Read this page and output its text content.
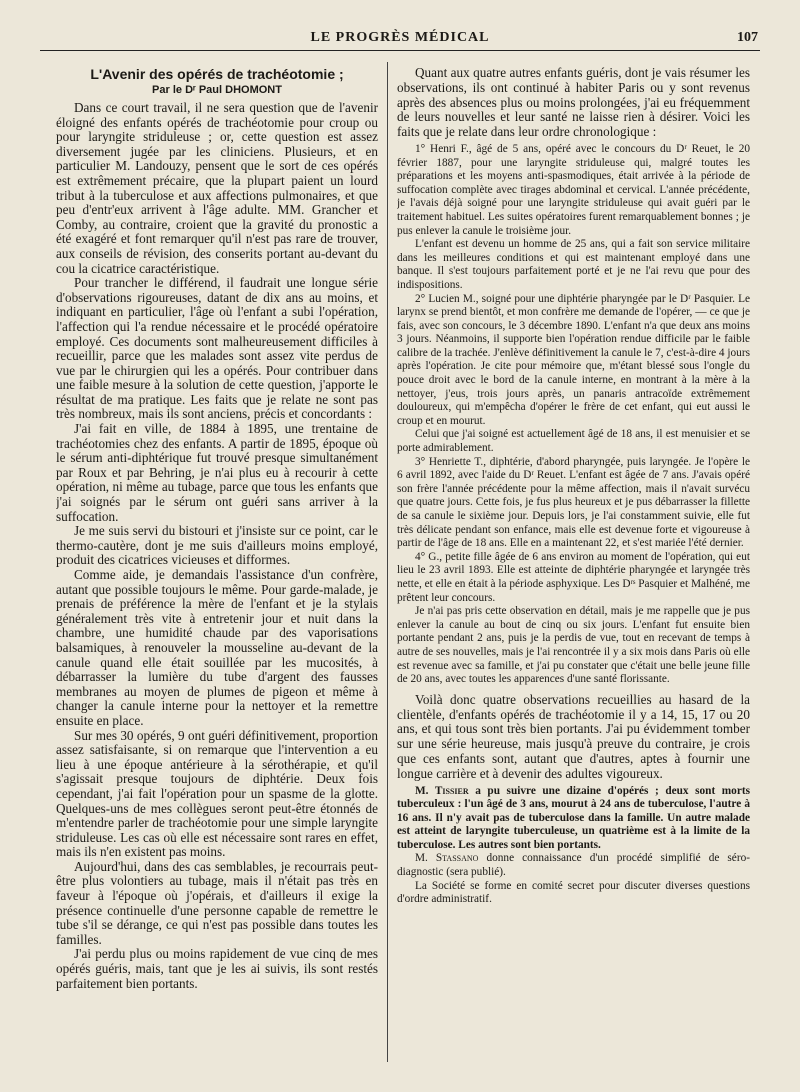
LE PROGRÈS MÉDICAL	107
L'Avenir des opérés de trachéotomie ;
Par le Dʳ Paul DHOMONT

Dans ce court travail, il ne sera question que de l'avenir éloigné des enfants opérés de trachéotomie pour croup ou pour laryngite striduleuse ; or, cette question est assez diversement jugée par les cliniciens. Plusieurs, et en particulier M. Landouzy, pensent que le sort de ces opérés est extrêmement précaire, que la plupart paient un lourd tribut à la tuberculose et aux affections pulmonaires, et que peu d'entr'eux arrivent à l'âge adulte. MM. Grancher et Comby, au contraire, croient que la gravité du pronostic a été exagéré et font remarquer qu'il n'est pas rare de trouver, aux conseils de révision, des conserits portant au-devant du cou la cicatrice caractéristique.

Pour trancher le différend, il faudrait une longue série d'observations rigoureuses, datant de dix ans au moins, et indiquant en particulier, l'âge où l'enfant a subi l'opération, l'affection qui l'a rendue nécessaire et le procédé opératoire employé. Ces documents sont malheureusement difficiles à recueillir, parce que les malades sont assez vite perdus de vue par le chirurgien qui les a opérés. Pour contribuer dans une faible mesure à la solution de cette question, j'apporte le résultat de ma pratique. Les faits que je relate ne sont pas très nombreux, mais ils sont anciens, précis et concordants :

J'ai fait en ville, de 1884 à 1895, une trentaine de trachéotomies chez des enfants. A partir de 1895, époque où le sérum anti-diphtérique fut trouvé presque simultanément par Roux et par Behring, je n'ai plus eu à recourir à cette opération, ni même au tubage, parce que tous les enfants que j'ai soignés par le sérum ont guéri sans arriver à la suffocation.

Je me suis servi du bistouri et j'insiste sur ce point, car le thermo-cautère, dont je me suis d'ailleurs moins employé, produit des cicatrices vicieuses et difformes.

Comme aide, je demandais l'assistance d'un confrère, autant que possible toujours le même. Pour garde-malade, je prenais de préférence la mère de l'enfant et je la stylais généralement très vite à entretenir jour et nuit dans la chambre, une humidité chaude par des vaporisations balsamiques, à renouveler la mousseline au-devant de la canule quand elle était souillée par les mucosités, à débarrasser la lumière du tube d'argent des fausses membranes au moyen de plumes de pigeon et même à changer la canule interne pour la nettoyer et la remettre ensuite en place.

Sur mes 30 opérés, 9 ont guéri définitivement, proportion assez satisfaisante, si on remarque que l'intervention a eu lieu à une époque antérieure à la sérothérapie, et qu'il s'agissait presque toujours de diphtérie. Deux fois cependant, j'ai fait l'opération pour un spasme de la glotte. Quelques-uns de mes collègues seront peut-être étonnés de m'entendre parler de trachéotomie pour une simple laryngite striduleuse. Les cas où elle est nécessaire sont rares en effet, mais ils n'en existent pas moins.

Aujourd'hui, dans des cas semblables, je recourrais peut-être plus volontiers au tubage, mais il n'était pas très en faveur à l'époque où j'opérais, et d'ailleurs il exige la présence continuelle d'une personne capable de remettre le tube s'il se dérange, ce qui n'est pas possible dans toutes les familles.

J'ai perdu plus ou moins rapidement de vue cinq de mes opérés guéris, mais, tant que je les ai suivis, ils sont restés parfaitement bien portants.

Quant aux quatre autres enfants guéris, dont je vais résumer les observations, ils ont continué à habiter Paris ou y sont revenus après des absences plus ou moins prolongées, j'ai eu fréquemment de leurs nouvelles et leur santé ne laisse rien à désirer. Voici les faits que je relate dans leur ordre chronologique :

1° Henri F., âgé de 5 ans, opéré avec le concours du Dʳ Reuet, le 20 février 1887, pour une laryngite striduleuse qui, malgré toutes les préparations et les moyens anti-spasmodiques, était arrivée à la période de suffocation complète avec tirages abdominal et cervical. L'année précédente, je l'avais déjà soigné pour une laryngite striduleuse qui avait guéri par le traitement habituel. Les suites opératoires furent remarquablement bonnes ; je pus enlever la canule le troisième jour.

L'enfant est devenu un homme de 25 ans, qui a fait son service militaire dans les meilleures conditions et qui est maintenant employé dans une banque. Il s'est toujours parfaitement porté et je ne l'ai revu que pour des indispositions.

2° Lucien M., soigné pour une diphtérie pharyngée par le Dʳ Pasquier. Le larynx se prend bientôt, et mon confrère me demande de l'opérer, — ce que je fais, avec son concours, le 3 décembre 1890. L'enfant n'a que deux ans moins 3 jours. Néanmoins, il supporte bien l'opération rendue difficile par le faible calibre de la trachée. J'enlève définitivement la canule le 7, c'est-à-dire 4 jours après l'opération. Je cite pour mémoire que, m'étant blessé sous l'ongle du pouce droit avec le bord de la canule interne, en montrant à la mère à la nettoyer, j'eus, trois jours après, un panaris antracoïde extrêmement douloureux, qui m'empêcha d'opérer le frère de cet enfant, qui eut aussi le croup et en mourut.

Celui que j'ai soigné est actuellement âgé de 18 ans, il est menuisier et se porte admirablement.

3° Henriette T., diphtérie, d'abord pharyngée, puis laryngée. Je l'opère le 6 avril 1892, avec l'aide du Dʳ Reuet. L'enfant est âgée de 7 ans. J'avais opéré son frère l'année précédente pour la même affection, mais il n'avait survécu que quatre jours. Cette fois, je fus plus heureux et je pus débarrasser la fillette de sa canule le sixième jour. Depuis lors, je l'ai constamment suivie, elle fut très délicate pendant son enfance, mais elle est devenue forte et vigoureuse à partir de l'âge de 18 ans. Elle en a maintenant 22, et s'est mariée l'été dernier.

4° G., petite fille âgée de 6 ans environ au moment de l'opération, qui eut lieu le 23 avril 1893. Elle est atteinte de diphtérie pharyngée et laryngée très nette, et elle en était à la période asphyxique. Les Dʳˢ Pasquier et Malhéné, me prêtent leur concours.

Je n'ai pas pris cette observation en détail, mais je me rappelle que je pus enlever la canule au bout de cinq ou six jours. L'enfant fut ensuite bien portante pendant 2 ans, puis je la perdis de vue, tout en recevant de temps à autre de ses nouvelles, mais je l'ai rencontrée il y a six mois dans Paris où elle est revenue avec sa famille, et j'ai pu constater que c'était une belle jeune fille de 20 ans, avec toutes les apparences d'une santé florissante.

Voilà donc quatre observations recueillies au hasard de la clientèle, d'enfants opérés de trachéotomie il y a 14, 15, 17 ou 20 ans, et qui tous sont très bien portants. J'ai pu évidemment tomber sur une série heureuse, mais jusqu'à preuve du contraire, je crois que ces enfants sont, autant que d'autres, aptes à fournir une longue carrière et à devenir des adultes vigoureux.

M. Tissier a pu suivre une dizaine d'opérés ; deux sont morts tuberculeux : l'un âgé de 3 ans, mourut à 24 ans de tuberculose, l'autre à 16 ans. Il n'y avait pas de tuberculose dans la famille. Un autre malade est atteint de laryngite tuberculeuse, un quatrième est à la limite de la tuberculose. Les autres sont bien portants.

M. Stassano donne connaissance d'un procédé simplifié de séro-diagnostic (sera publié).

La Société se forme en comité secret pour discuter diverses questions d'ordre administratif.
